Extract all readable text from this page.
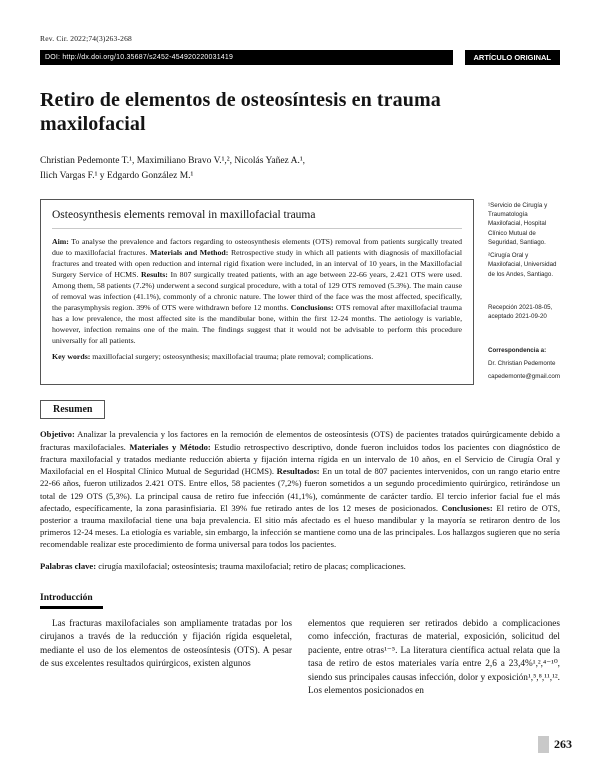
Rev. Cir. 2022;74(3)263-268
DOI: http://dx.doi.org/10.35687/s2452-454920220031419	ARTÍCULO ORIGINAL
Retiro de elementos de osteosíntesis en trauma maxilofacial
Christian Pedemonte T.¹, Maximiliano Bravo V.¹,², Nicolás Yañez A.¹,
Ilich Vargas F.¹ y Edgardo González M.¹
Osteosynthesis elements removal in maxillofacial trauma

Aim: To analyse the prevalence and factors regarding to osteosynthesis elements (OTS) removal from patients surgically treated due to maxillofacial fractures. Materials and Method: Retrospective study in which all patients with diagnosis of maxillofacial fractures and treated with open reduction and internal rigid fixation were included, in an interval of 10 years, in the Maxillofacial Surgery Service of HCMS. Results: In 807 surgically treated patients, with an age between 22-66 years, 2.421 OTS were used. Among them, 58 patients (7.2%) underwent a second surgical procedure, with a total of 129 OTS removed (5.3%). The main cause of removal was infection (41.1%), commonly of a chronic nature. The lower third of the face was the most affected, specifically, the parasymphysis region. 39% of OTS were withdrawn before 12 months. Conclusions: OTS removal after maxillofacial trauma has a low prevalence, the most affected site is the mandibular bone, within the first 12-24 months. The aetiology is variable, however, infection remains one of the main. The findings suggest that it would not be advisable to perform this procedure universally for all patients.

Key words: maxillofacial surgery; osteosynthesis; maxillofacial trauma; plate removal; complications.

¹Servicio de Cirugía y Traumatología Maxilofacial, Hospital Clínico Mutual de Seguridad, Santiago.

²Cirugía Oral y Maxilofacial, Universidad de los Andes, Santiago.

Recepción 2021-08-05, aceptado 2021-09-20

Correspondencia a:

Dr. Christian Pedemonte

capedemonte@gmail.com

Resumen

Objetivo: Analizar la prevalencia y los factores en la remoción de elementos de osteosíntesis (OTS) de pacientes tratados quirúrgicamente debido a fracturas maxilofaciales. Materiales y Método: Estudio retrospectivo descriptivo, donde fueron incluidos todos los pacientes con diagnóstico de fractura maxilofacial y tratados mediante reducción abierta y fijación interna rígida en un intervalo de 10 años, en el Servicio de Cirugía Oral y Maxilofacial en el Hospital Clínico Mutual de Seguridad (HCMS). Resultados: En un total de 807 pacientes intervenidos, con un rango etario entre 22-66 años, fueron utilizados 2.421 OTS. Entre ellos, 58 pacientes (7,2%) fueron sometidos a un segundo procedimiento quirúrgico, retirándose un total de 129 OTS (5,3%). La principal causa de retiro fue infección (41,1%), comúnmente de carácter tardío. El tercio inferior facial fue el más afectado, específicamente, la zona parasinfisiaria. El 39% fue retirado antes de los 12 meses de posicionados. Conclusiones: El retiro de OTS, posterior a trauma maxilofacial tiene una baja prevalencia. El sitio más afectado es el hueso mandibular y la mayoría se retiraron dentro de los primeros 12-24 meses. La etiología es variable, sin embargo, la infección se mantiene como una de las principales. Los hallazgos sugieren que no sería recomendable realizar este procedimiento de forma universal para todos los pacientes.

Palabras clave: cirugía maxilofacial; osteosíntesis; trauma maxilofacial; retiro de placas; complicaciones.

Introducción

Las fracturas maxilofaciales son ampliamente tratadas por los cirujanos a través de la reducción y fijación rígida esqueletal, mediante el uso de los elementos de osteosíntesis (OTS). A pesar de sus excelentes resultados quirúrgicos, existen algunos

elementos que requieren ser retirados debido a complicaciones como infección, fracturas de material, exposición, solicitud del paciente, entre otras¹⁻⁵. La literatura científica actual relata que la tasa de retiro de estos materiales varía entre 2,6 a 23,4%¹,²,⁴⁻¹⁰, siendo sus principales causas infección, dolor y exposición¹,⁵,⁸,¹¹,¹². Los elementos posicionados en

263
